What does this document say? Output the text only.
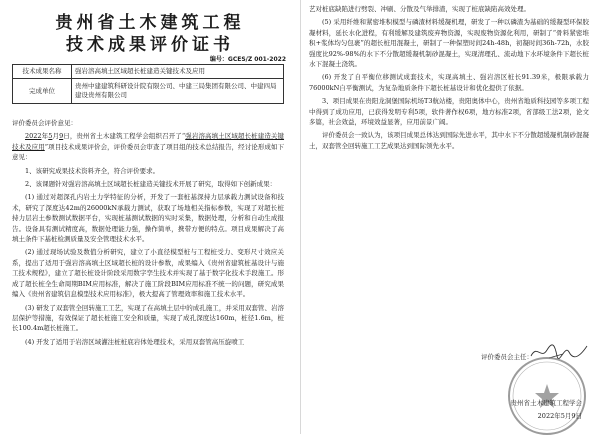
贵州省土木建筑工程
技术成果评价证书
编号：GCES/Z 001-2022
技术成果名称	强岩溶高填土区域超长桩建造关键技术及应用
完成单位	贵州中建建筑科研设计院有限公司、中建三局集团有限公司、中建四局建设贵州有限公司

评价委员会评价意见：

2022年5月9日，贵州省土木建筑工程学会组织召开了“强岩溶高填土区域超长桩建造关键技术及应用”项目技术成果评价会，评价委员会审查了项目组的技术总结报告，经讨论形成如下意见：

1、该研究成果技术资料齐全，符合评价要求。

2、该课题针对强岩溶高填土区域超长桩建造关键技术开展了研究，取得如下创新成果：

(1) 通过对超深孔内岩土力学特征的分析，开发了一套桩基深持力层承载力测试设备和技术，研究了深度达42m的26000kN承载力测试，获取了场地相关指标参数，实现了对超长桩持力层岩土参数测试数据平台，实现桩基测试数据的实时采集，数据处理，分析和自动生成报告。设备具有测试精度高，数据处理能力强，操作简单，携带方便的特点。项目成果解决了高填土条件下基桩检测质量及安全管理技术水平。

(2) 通过现场试验及数值分析研究，建立了小直径模型桩与工程桩受力、变形尺寸效应关系，提出了适用于强岩溶高填土区域超长桩的设计参数，成果编入《贵州省建筑桩基设计与施工技术规程》，建立了超长桩设计阶段采用数字孪生技术并实现了基于数字化技术手段施工。形成了超长桩全生命周期BIM应用标准，解决了施工阶段BIM应用标准不统一的问题，研究成果编入《贵州省建筑信息模型技术应用标准》，极大提高了管理效率和施工技术水平。

(3) 研发了双套管全回转施工工艺，实现了在高填土层中的成孔施工，并采用双套管、岩溶层保护等措施，有效保证了超长桩施工安全和质量，实现了成孔深度达160m，桩径1.6m，桩长100.4m超长桩施工。

(4) 开发了适用于岩溶区域灌注桩桩底岩体处理技术，采用双套管高压旋喷工

艺对桩底缺陷进行劈裂、冲刷、分散及气举排渣，实现了桩底缺陷高效处理。

(5) 采用纤维和紧密堆积模型与磷渣材料缓凝机理，研发了一种以磷渣为基础的缓凝型环保胶凝材料，延长水化进程，有利缓解及建筑废弃物资源，实现废物资源化利用，研制了“骨料紧密堆积+浆体均匀包裹”的超长桩用混凝土，研制了一种保塑时间24h-48h，初凝时间36h-72h，水胶强度比92%-98%的水下不分散超缓凝机制砂混凝土，实现清理孔、流动地下水环境条件下超长桩水下混凝土浇筑。

(6) 开发了自平衡位移测试成套技术，实现高填土、强岩溶区桩长91.39米，极限承载力76000kN自平衡测试，为复杂地质条件下超长桩基设计和优化提供了依据。

3、项目成果在贵阳龙洞堡国际机场T3航站楼，贵阳奥体中心，贵州省地质科技园等多项工程中得到了成功应用，已获得发明专利5项，软件著作权6项，地方标准2项，省部级工法2项，论文多篇，社会效益，环境效益显著，应用前景广阔。

评价委员会一致认为，该项目成果总体达到国际先进水平，其中水下不分散超缓凝机制砂混凝土，双套管全回转施工工艺成果达到国际领先水平。

评价委员会主任：
贵州省土木建筑工程学会
2022年5月9日
